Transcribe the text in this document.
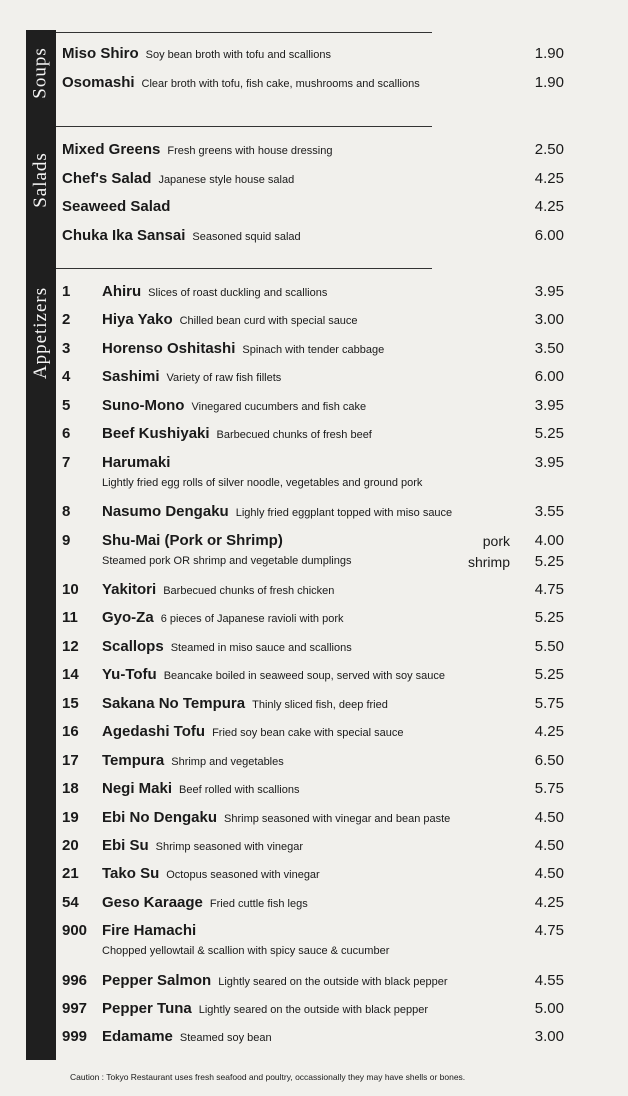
Soups
Salads
Appetizers
Miso Shiro Soy bean broth with tofu and scallions	1.90
Osomashi Clear broth with tofu, fish cake, mushrooms and scallions	1.90
Mixed Greens Fresh greens with house dressing	2.50
Chef's Salad Japanese style house salad	4.25
Seaweed Salad	4.25
Chuka Ika Sansai Seasoned squid salad	6.00
1 Ahiru Slices of roast duckling and scallions	3.95
2 Hiya Yako Chilled bean curd with special sauce	3.00
3 Horenso Oshitashi Spinach with tender cabbage	3.50
4 Sashimi Variety of raw fish fillets	6.00
5 Suno-Mono Vinegared cucumbers and fish cake	3.95
6 Beef Kushiyaki Barbecued chunks of fresh beef	5.25
7 Harumaki	3.95
Lightly fried egg rolls of silver noodle, vegetables and ground pork
8 Nasumo Dengaku Lighly fried eggplant topped with miso sauce	3.55
9 Shu-Mai (Pork or Shrimp)
Steamed pork OR shrimp and vegetable dumplings
pork 4.00
shrimp 5.25
10 Yakitori Barbecued chunks of fresh chicken	4.75
11 Gyo-Za 6 pieces of Japanese ravioli with pork	5.25
12 Scallops Steamed in miso sauce and scallions	5.50
14 Yu-Tofu Beancake boiled in seaweed soup, served with soy sauce	5.25
15 Sakana No Tempura Thinly sliced fish, deep fried	5.75
16 Agedashi Tofu Fried soy bean cake with special sauce	4.25
17 Tempura Shrimp and vegetables	6.50
18 Negi Maki Beef rolled with scallions	5.75
19 Ebi No Dengaku Shrimp seasoned with vinegar and bean paste	4.50
20 Ebi Su Shrimp seasoned with vinegar	4.50
21 Tako Su Octopus seasoned with vinegar	4.50
54 Geso Karaage Fried cuttle fish legs	4.25
900 Fire Hamachi	4.75
Chopped yellowtail & scallion with spicy sauce & cucumber
996 Pepper Salmon Lightly seared on the outside with black pepper	4.55
997 Pepper Tuna Lightly seared on the outside with black pepper	5.00
999 Edamame Steamed soy bean	3.00
Caution : Tokyo Restaurant uses fresh seafood and poultry, occassionally they may have shells or bones.
